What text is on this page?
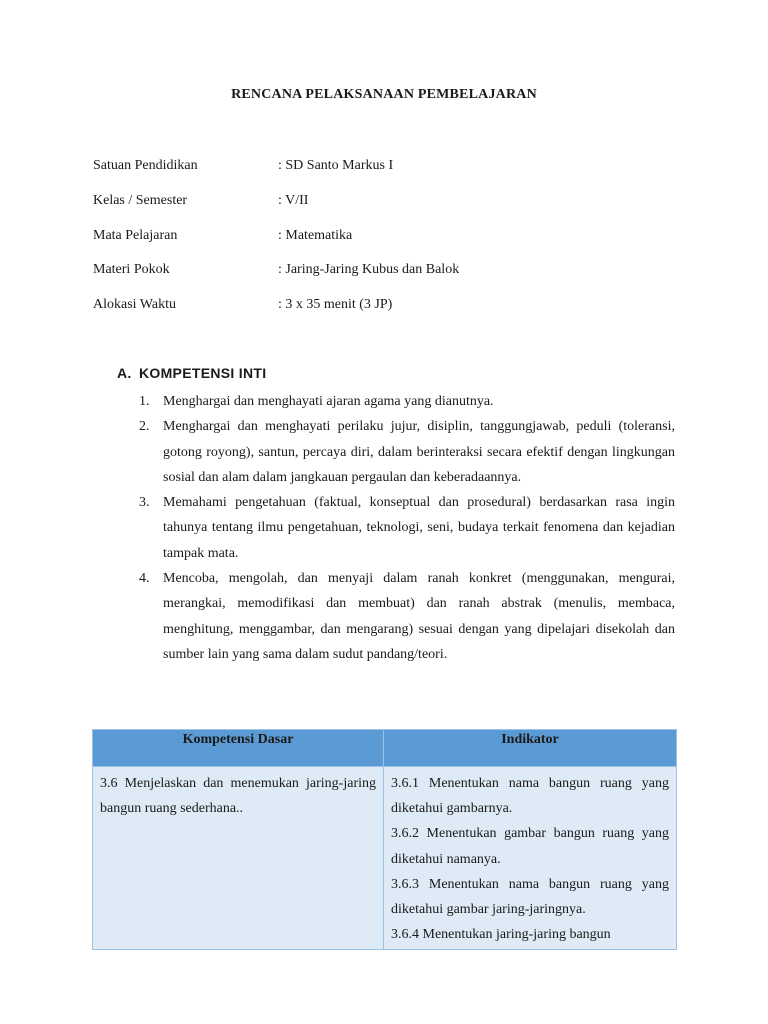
RENCANA PELAKSANAAN PEMBELAJARAN
Satuan Pendidikan	: SD Santo Markus I
Kelas / Semester	: V/II
Mata Pelajaran	: Matematika
Materi Pokok	: Jaring-Jaring Kubus dan Balok
Alokasi Waktu	: 3 x 35 menit (3 JP)
A. KOMPETENSI INTI
1. Menghargai dan menghayati ajaran agama yang dianutnya.
2. Menghargai dan menghayati perilaku jujur, disiplin, tanggungjawab, peduli (toleransi, gotong royong), santun, percaya diri, dalam berinteraksi secara efektif dengan lingkungan sosial dan alam dalam jangkauan pergaulan dan keberadaannya.
3. Memahami pengetahuan (faktual, konseptual dan prosedural) berdasarkan rasa ingin tahunya tentang ilmu pengetahuan, teknologi, seni, budaya terkait fenomena dan kejadian tampak mata.
4. Mencoba, mengolah, dan menyaji dalam ranah konkret (menggunakan, mengurai, merangkai, memodifikasi dan membuat) dan ranah abstrak (menulis, membaca, menghitung, menggambar, dan mengarang) sesuai dengan yang dipelajari disekolah dan sumber lain yang sama dalam sudut pandang/teori.
Kompetensi Dasar	Indikator
3.6 Menjelaskan dan menemukan jaring-jaring bangun ruang sederhana..	3.6.1 Menentukan nama bangun ruang yang diketahui gambarnya.

3.6.2 Menentukan gambar bangun ruang yang diketahui namanya.

3.6.3 Menentukan nama bangun ruang yang diketahui gambar jaring-jaringnya.

3.6.4 Menentukan jaring-jaring bangun
